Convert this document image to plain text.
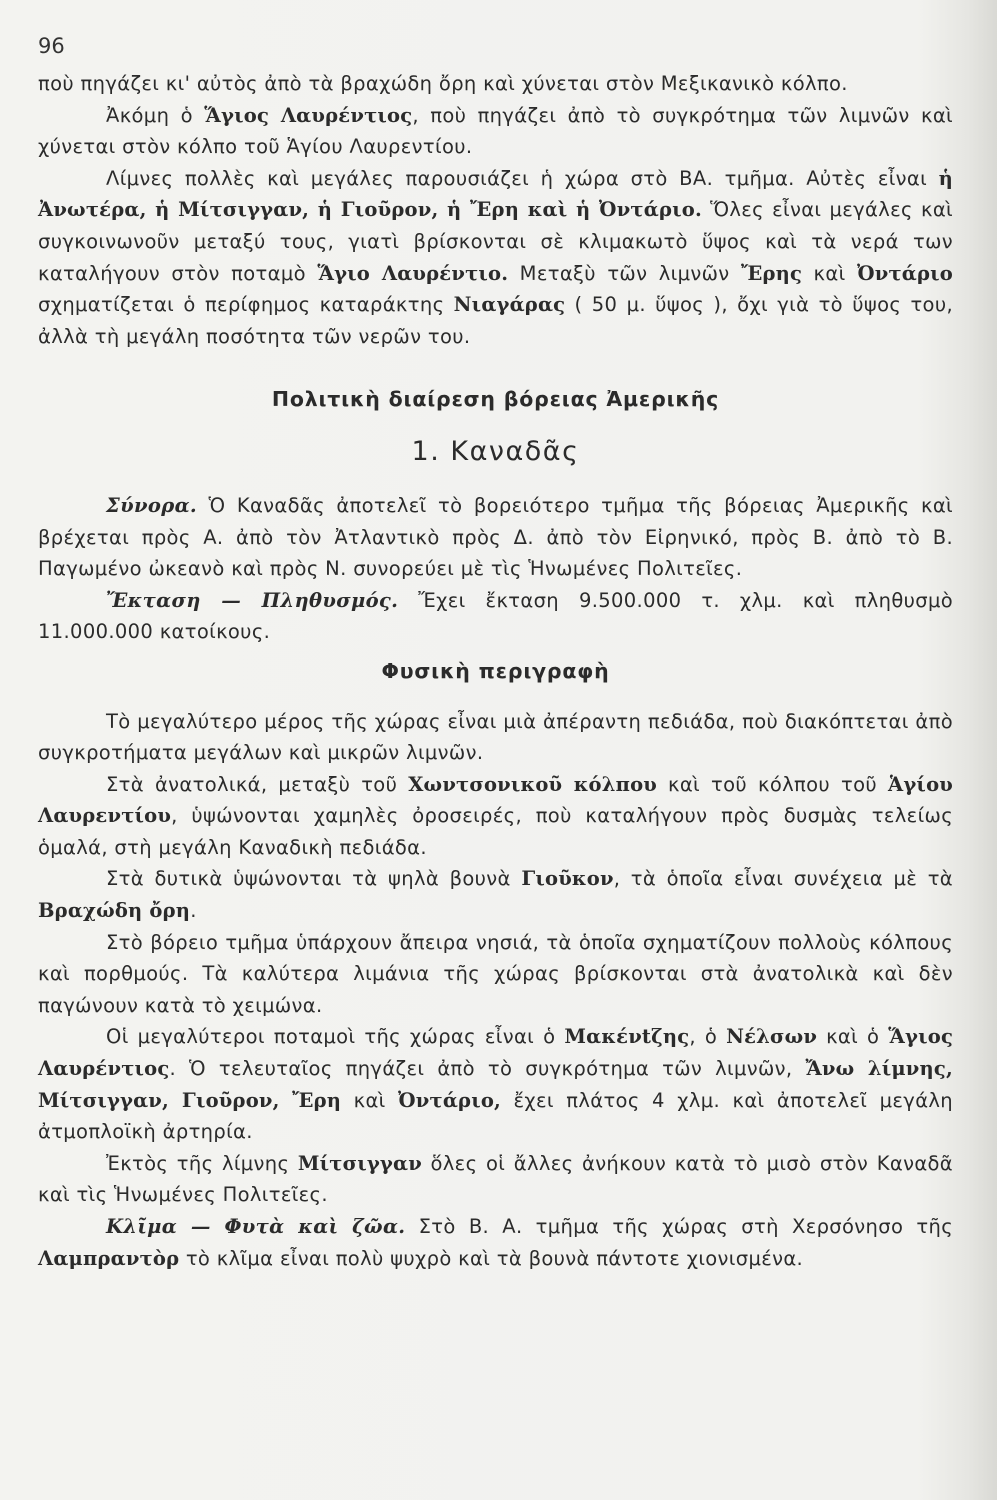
96

ποὺ πηγάζει κι' αὐτὸς ἀπὸ τὰ βραχώδη ὄρη καὶ χύνεται στὸν Μεξικανικὸ κόλπο.

Ἀκόμη ὁ Ἅγιος Λαυρέντιος, ποὺ πηγάζει ἀπὸ τὸ συγκρότημα τῶν λιμνῶν καὶ χύνεται στὸν κόλπο τοῦ Ἁγίου Λαυρεντίου.

Λίμνες πολλὲς καὶ μεγάλες παρουσιάζει ἡ χώρα στὸ ΒΑ. τμῆμα. Αὐτὲς εἶναι ἡ Ἀνωτέρα, ἡ Μίτσιγγαν, ἡ Γιοῦρον, ἡ Ἔρη καὶ ἡ Ὀντάριο. Ὅλες εἶναι μεγάλες καὶ συγκοινωνοῦν μεταξύ τους, γιατὶ βρίσκονται σὲ κλιμακωτὸ ὕψος καὶ τὰ νερά των καταλήγουν στὸν ποταμὸ Ἅγιο Λαυρέντιο. Μεταξὺ τῶν λιμνῶν Ἔρης καὶ Ὀντάριο σχηματίζεται ὁ περίφημος καταράκτης Νιαγάρας ( 50 μ. ὕψος ), ὄχι γιὰ τὸ ὕψος του, ἀλλὰ τὴ μεγάλη ποσότητα τῶν νερῶν του.

Πολιτικὴ διαίρεση βόρειας Ἀμερικῆς

1. Καναδᾶς

Σύνορα. Ὁ Καναδᾶς ἀποτελεῖ τὸ βορειότερο τμῆμα τῆς βόρειας Ἀμερικῆς καὶ βρέχεται πρὸς Α. ἀπὸ τὸν Ἀτλαντικὸ πρὸς Δ. ἀπὸ τὸν Εἰρηνικό, πρὸς Β. ἀπὸ τὸ Β. Παγωμένο ὠκεανὸ καὶ πρὸς Ν. συνορεύει μὲ τὶς Ἡνωμένες Πολιτεῖες.

Ἔκταση — Πληθυσμός. Ἔχει ἔκταση 9.500.000 τ. χλμ. καὶ πληθυσμὸ 11.000.000 κατοίκους.

Φυσικὴ περιγραφὴ

Τὸ μεγαλύτερο μέρος τῆς χώρας εἶναι μιὰ ἀπέραντη πεδιάδα, ποὺ διακόπτεται ἀπὸ συγκροτήματα μεγάλων καὶ μικρῶν λιμνῶν.

Στὰ ἀνατολικά, μεταξὺ τοῦ Χωντσονικοῦ κόλπου καὶ τοῦ κόλπου τοῦ Ἁγίου Λαυρεντίου, ὑψώνονται χαμηλὲς ὀροσειρές, ποὺ καταλήγουν πρὸς δυσμὰς τελείως ὁμαλά, στὴ μεγάλη Καναδικὴ πεδιάδα.

Στὰ δυτικὰ ὑψώνονται τὰ ψηλὰ βουνὰ Γιοῦκον, τὰ ὁποῖα εἶναι συνέχεια μὲ τὰ Βραχώδη ὄρη.

Στὸ βόρειο τμῆμα ὑπάρχουν ἄπειρα νησιά, τὰ ὁποῖα σχηματίζουν πολλοὺς κόλπους καὶ πορθμούς. Τὰ καλύτερα λιμάνια τῆς χώρας βρίσκονται στὰ ἀνατολικὰ καὶ δὲν παγώνουν κατὰ τὸ χειμώνα.

Οἱ μεγαλύτεροι ποταμοὶ τῆς χώρας εἶναι ὁ Μακένtζης, ὁ Νέλσων καὶ ὁ Ἅγιος Λαυρέντιος. Ὁ τελευταῖος πηγάζει ἀπὸ τὸ συγκρότημα τῶν λιμνῶν, Ἄνω λίμνης, Μίτσιγγαν, Γιοῦρον, Ἔρη καὶ Ὀντάριο, ἔχει πλάτος 4 χλμ. καὶ ἀποτελεῖ μεγάλη ἀτμοπλοϊκὴ ἀρτηρία.

Ἐκτὸς τῆς λίμνης Μίτσιγγαν ὅλες οἱ ἄλλες ἀνήκουν κατὰ τὸ μισὸ στὸν Καναδᾶ καὶ τὶς Ἡνωμένες Πολιτεῖες.

Κλῖμα — Φυτὰ καὶ ζῶα. Στὸ Β. Α. τμῆμα τῆς χώρας στὴ Χερσόνησο τῆς Λαμπραντὸρ τὸ κλῖμα εἶναι πολὺ ψυχρὸ καὶ τὰ βουνὰ πάντοτε χιονισμένα.
